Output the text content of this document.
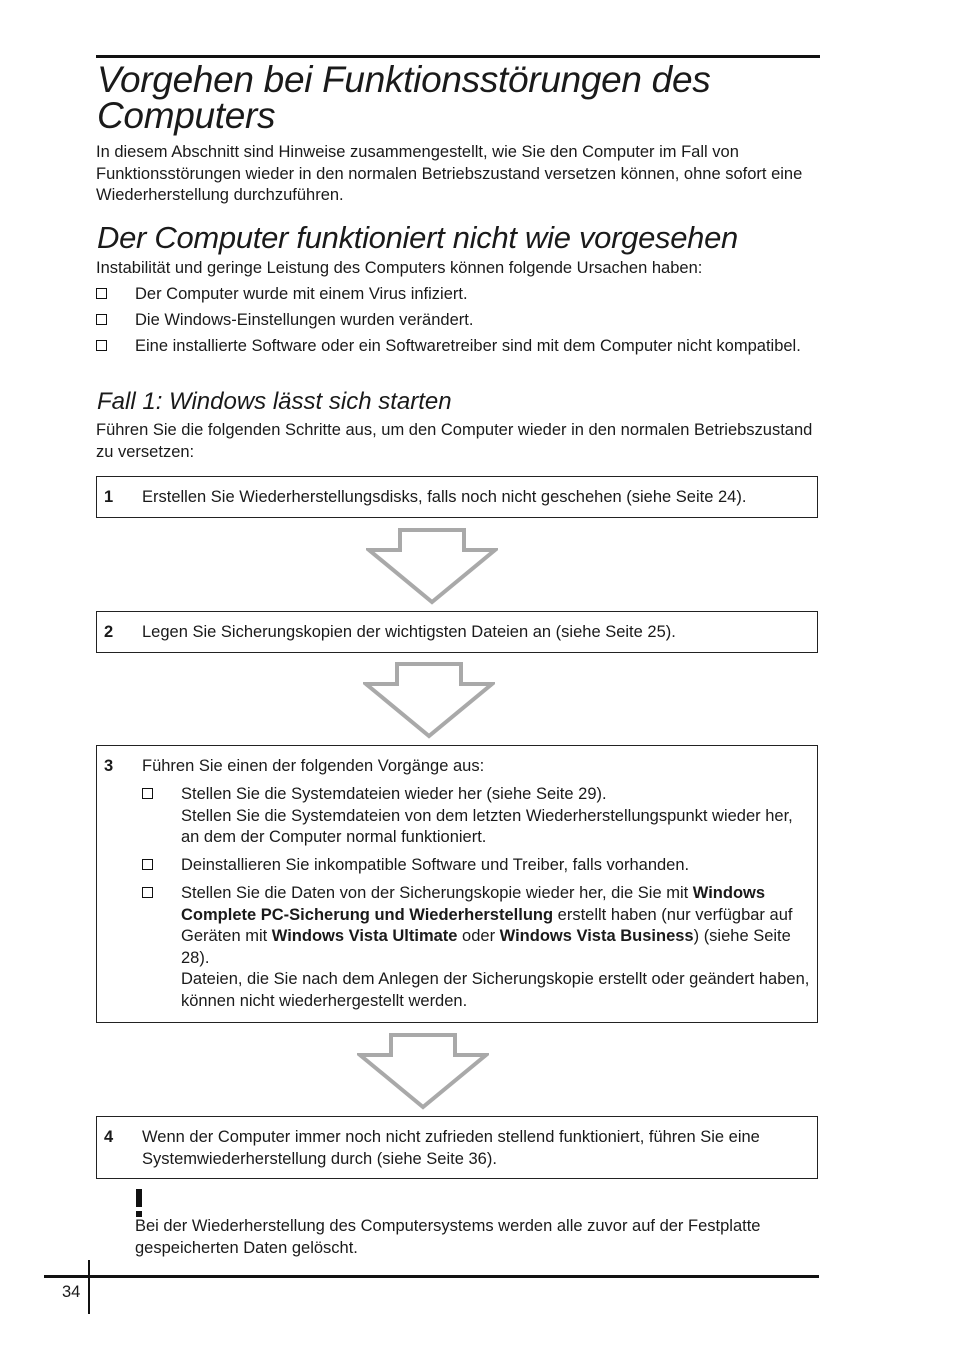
Vorgehen bei Funktionsstörungen des Computers

In diesem Abschnitt sind Hinweise zusammengestellt, wie Sie den Computer im Fall von Funktionsstörungen wieder in den normalen Betriebszustand versetzen können, ohne sofort eine Wiederherstellung durchzuführen.

Der Computer funktioniert nicht wie vorgesehen

Instabilität und geringe Leistung des Computers können folgende Ursachen haben:

Der Computer wurde mit einem Virus infiziert.
Die Windows-Einstellungen wurden verändert.
Eine installierte Software oder ein Softwaretreiber sind mit dem Computer nicht kompatibel.
Fall 1: Windows lässt sich starten

Führen Sie die folgenden Schritte aus, um den Computer wieder in den normalen Betriebszustand zu versetzen:

1 Erstellen Sie Wiederherstellungsdisks, falls noch nicht geschehen (siehe Seite 24).
2 Legen Sie Sicherungskopien der wichtigsten Dateien an (siehe Seite 25).
3 Führen Sie einen der folgenden Vorgänge aus:
Stellen Sie die Systemdateien wieder her (siehe Seite 29).
Stellen Sie die Systemdateien von dem letzten Wiederherstellungspunkt wieder her, an dem der Computer normal funktioniert.
Deinstallieren Sie inkompatible Software und Treiber, falls vorhanden.
Stellen Sie die Daten von der Sicherungskopie wieder her, die Sie mit Windows Complete PC-Sicherung und Wiederherstellung erstellt haben (nur verfügbar auf Geräten mit Windows Vista Ultimate oder Windows Vista Business) (siehe Seite 28).
Dateien, die Sie nach dem Anlegen der Sicherungskopie erstellt oder geändert haben, können nicht wiederhergestellt werden.
4 Wenn der Computer immer noch nicht zufrieden stellend funktioniert, führen Sie eine Systemwiederherstellung durch (siehe Seite 36).
Bei der Wiederherstellung des Computersystems werden alle zuvor auf der Festplatte gespeicherten Daten gelöscht.
34
